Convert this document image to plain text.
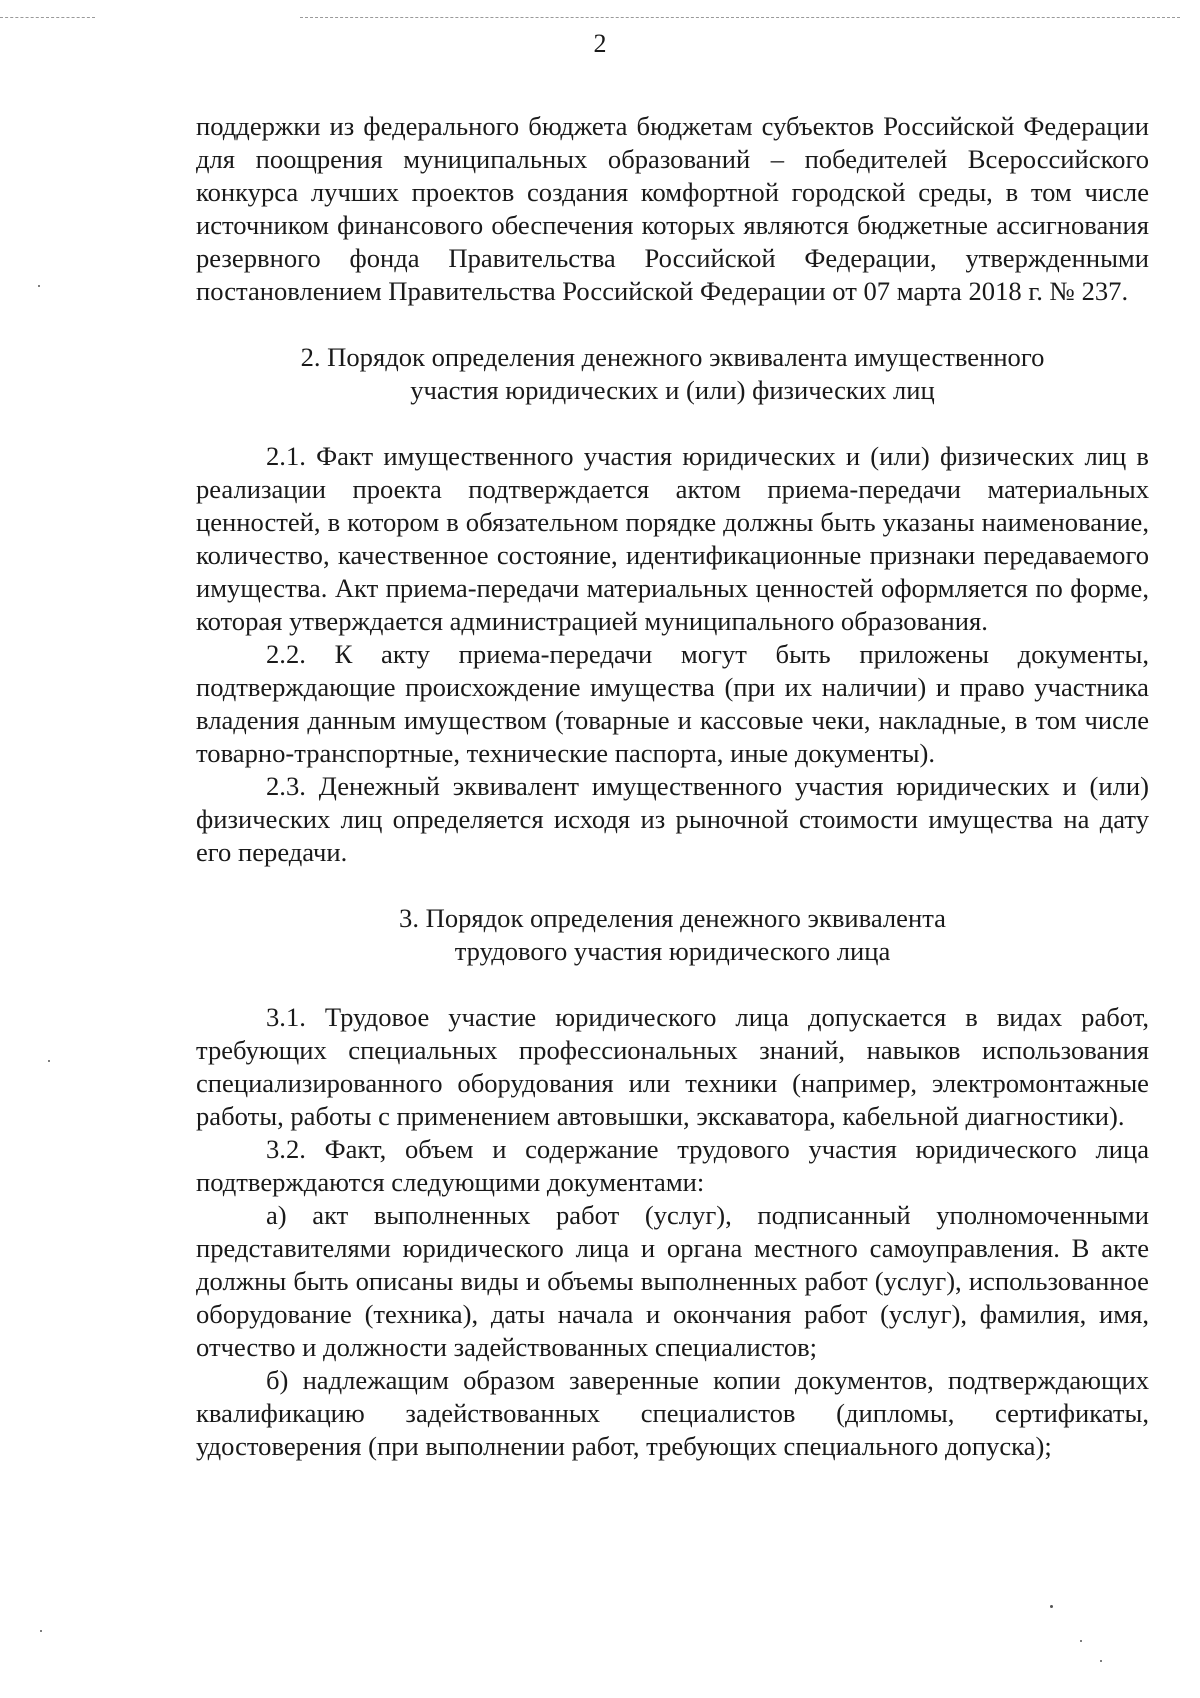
2

поддержки из федерального бюджета бюджетам субъектов Российской Федерации для поощрения муниципальных образований – победителей Всероссийского конкурса лучших проектов создания комфортной городской среды, в том числе источником финансового обеспечения которых являются бюджетные ассигнования резервного фонда Правительства Российской Федерации, утвержденными постановлением Правительства Российской Федерации от 07 марта 2018 г. № 237.

2. Порядок определения денежного эквивалента имущественного
участия юридических и (или) физических лиц

2.1. Факт имущественного участия юридических и (или) физических лиц в реализации проекта подтверждается актом приема-передачи материальных ценностей, в котором в обязательном порядке должны быть указаны наименование, количество, качественное состояние, идентификационные признаки передаваемого имущества. Акт приема-передачи материальных ценностей оформляется по форме, которая утверждается администрацией муниципального образования.

2.2. К акту приема-передачи могут быть приложены документы, подтверждающие происхождение имущества (при их наличии) и право участника владения данным имуществом (товарные и кассовые чеки, накладные, в том числе товарно-транспортные, технические паспорта, иные документы).

2.3. Денежный эквивалент имущественного участия юридических и (или) физических лиц определяется исходя из рыночной стоимости имущества на дату его передачи.

3. Порядок определения денежного эквивалента
трудового участия юридического лица

3.1. Трудовое участие юридического лица допускается в видах работ, требующих специальных профессиональных знаний, навыков использования специализированного оборудования или техники (например, электромонтажные работы, работы с применением автовышки, экскаватора, кабельной диагностики).

3.2. Факт, объем и содержание трудового участия юридического лица подтверждаются следующими документами:

а) акт выполненных работ (услуг), подписанный уполномоченными представителями юридического лица и органа местного самоуправления. В акте должны быть описаны виды и объемы выполненных работ (услуг), использованное оборудование (техника), даты начала и окончания работ (услуг), фамилия, имя, отчество и должности задействованных специалистов;

б) надлежащим образом заверенные копии документов, подтверждающих квалификацию задействованных специалистов (дипломы, сертификаты, удостоверения (при выполнении работ, требующих специального допуска);
